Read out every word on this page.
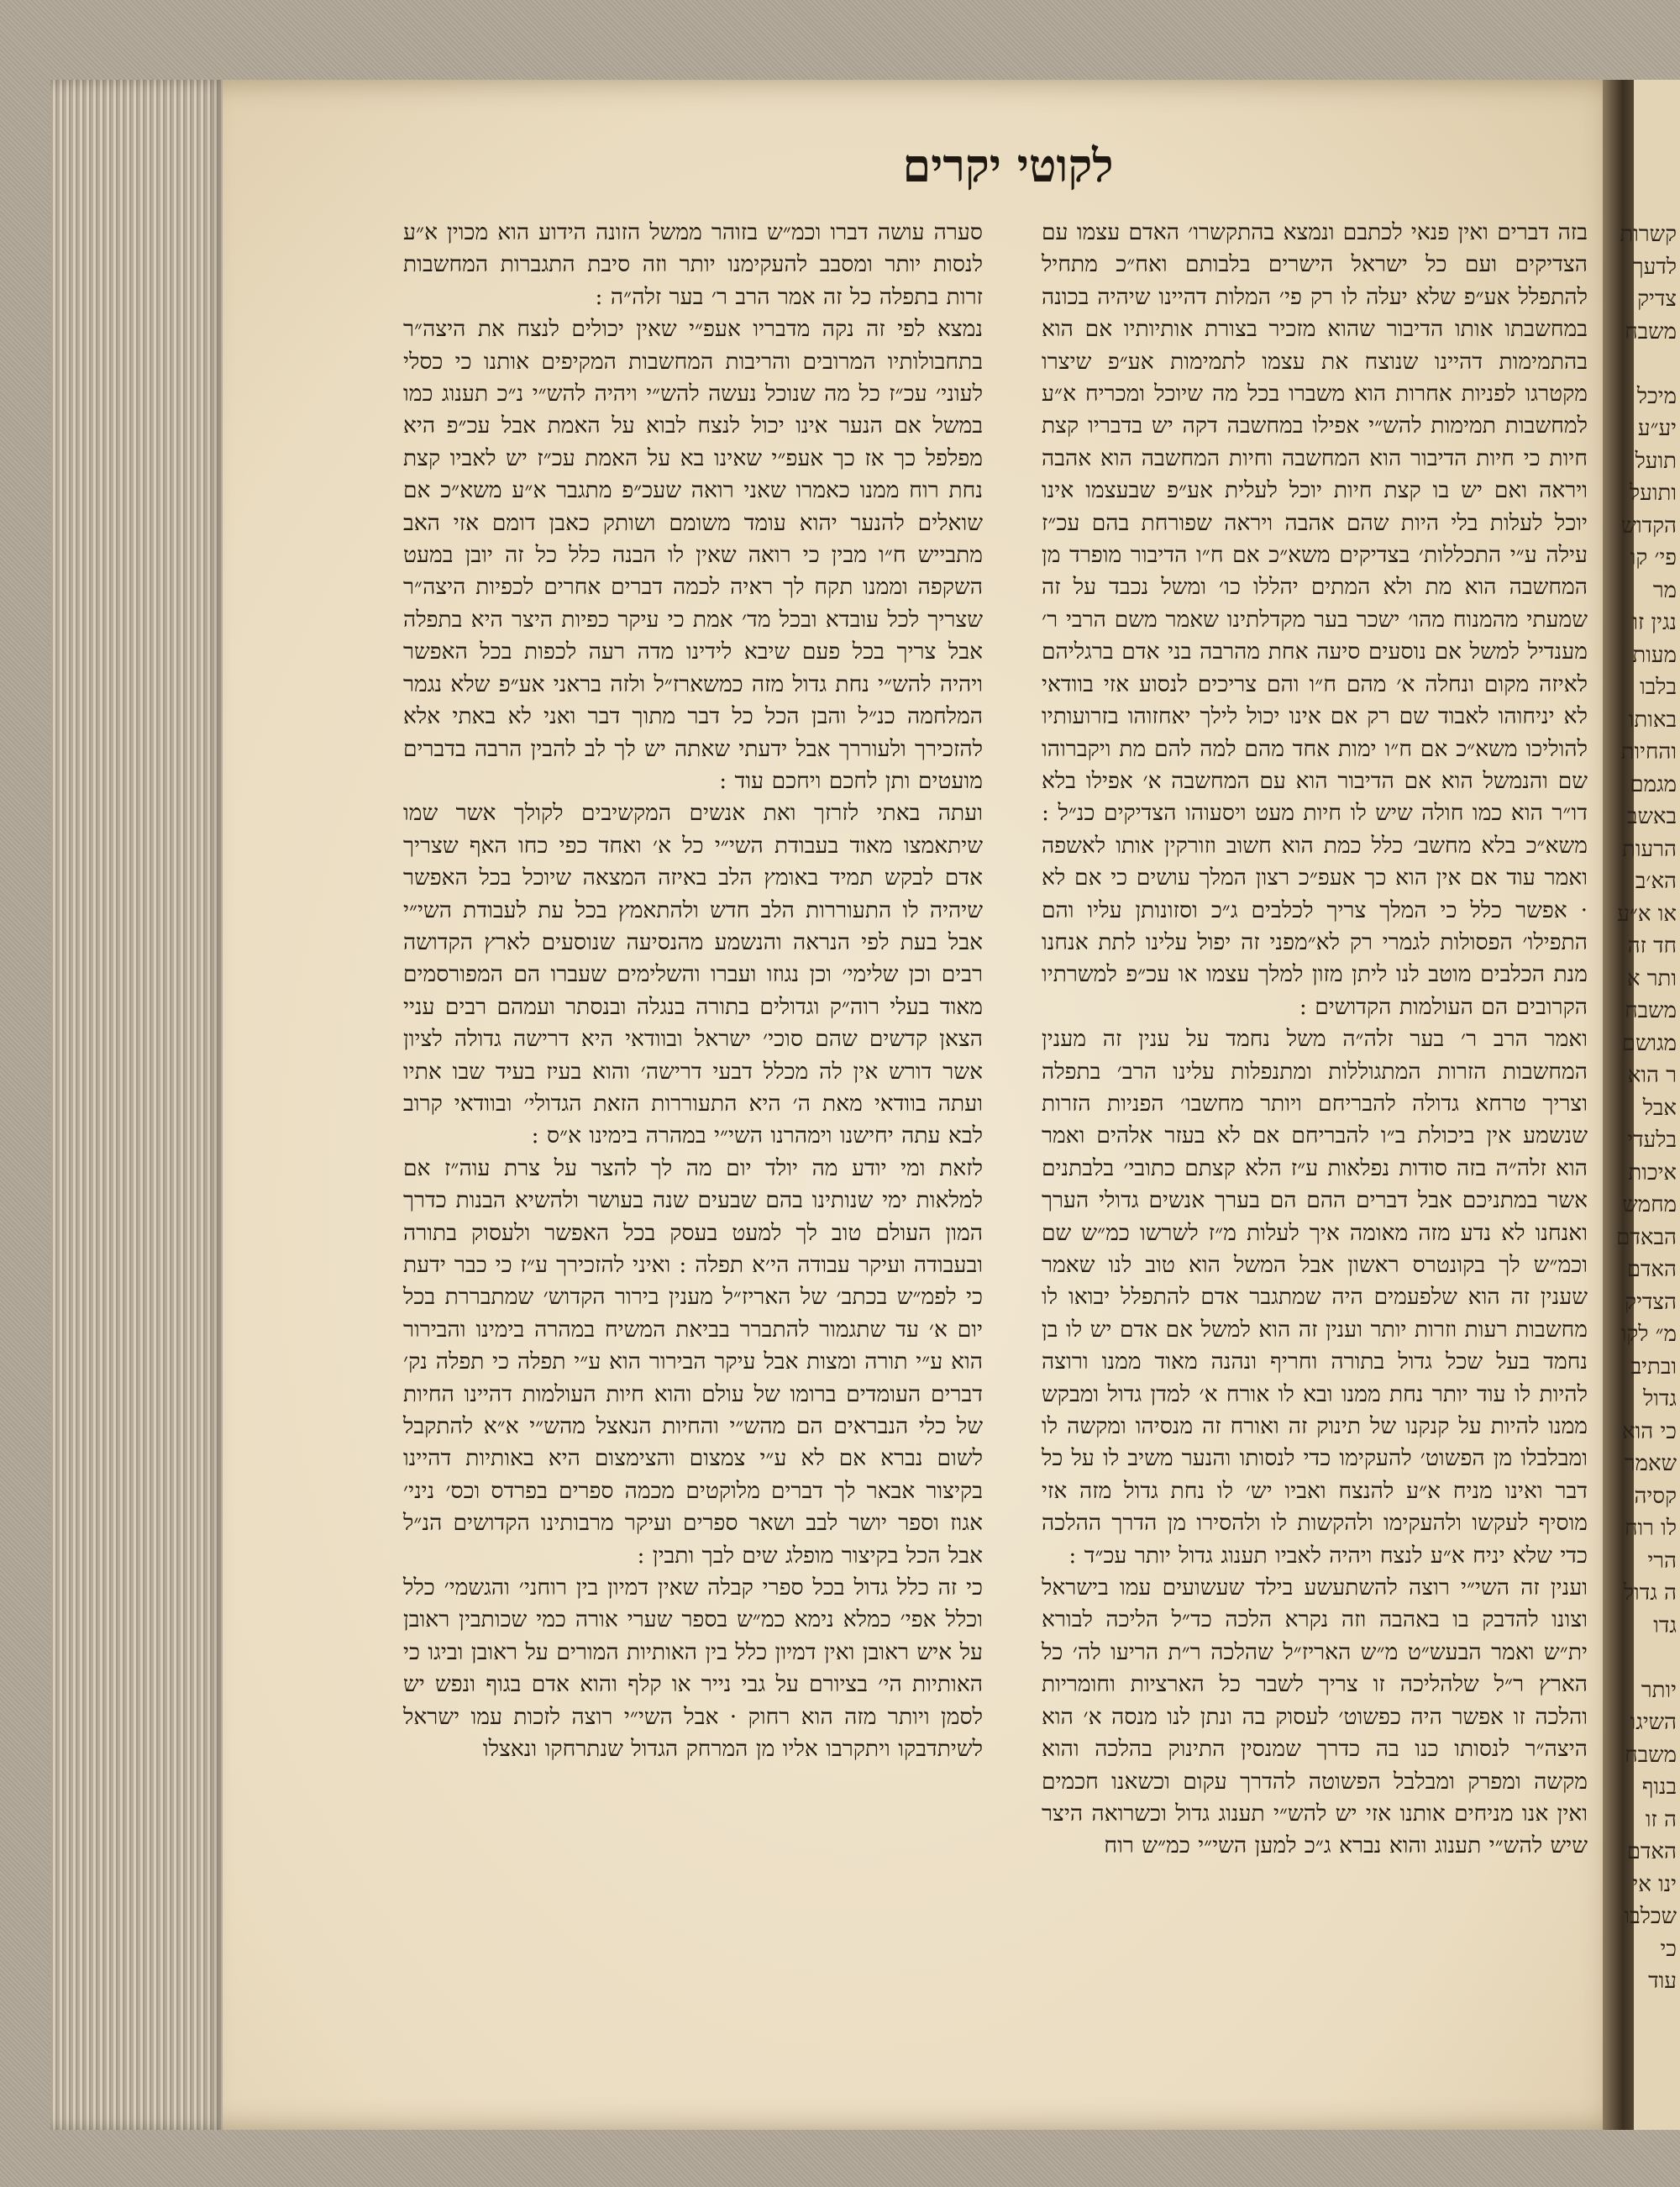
קשרות
לדעך
צדיק
משבח

מיכל
יע״ע
תועל
ותועל
הקדוש
פי׳ קו
מר
נגין זו
מעות
בלבו
באותו
והחיות
מגמם
באשב
הרעות
הא׳ב
או א״ע
חד זה
ותר א
משבח
מגושם
ר הוא
אבל
בלעדי
איכות
מחמש
הבאדם
האדם
הצדיק
מ״ לקו
ובתיב
גדול
כי הוא
שאמר
קסיה
לו רוח
הרי
ה גדול
גדו

יותר
השיגו
משבח
בנוף
ה זו
האדם
ינו אי
שכלבו
כי
עוד
לקוטי יקרים

בזה דברים ואין פנאי לכתבם ונמצא בהתקשרו׳ האדם עצמו עם הצדיקים ועם כל ישראל הישרים בלבותם ואח״כ מתחיל להתפלל אע״פ שלא יעלה לו רק פי׳ המלות דהיינו שיהיה בכונה במחשבתו אותו הדיבור שהוא מזכיר בצורת אותיותיו אם הוא בהתמימות דהיינו שנוצח את עצמו לתמימות אע״פ שיצרו מקטרגו לפניות אחרות הוא משברו בכל מה שיוכל ומכריח א״ע למחשבות תמימות להש״י אפילו במחשבה דקה יש בדבריו קצת חיות כי חיות הדיבור הוא המחשבה וחיות המחשבה הוא אהבה ויראה ואם יש בו קצת חיות יוכל לעלית אע״פ שבעצמו אינו יוכל לעלות בלי היות שהם אהבה ויראה שפורחת בהם עכ״ז עילה ע״י התכללות׳ בצדיקים משא״כ אם ח״ו הדיבור מופרד מן המחשבה הוא מת ולא המתים יהללו כו׳ ומשל נכבד על זה שמעתי מהמנוח מהו׳ ישכר בער מקדלתינו שאמר משם הרבי ר׳ מענדיל למשל אם נוסעים סיעה אחת מהרבה בני אדם ברגליהם לאיזה מקום ונחלה א׳ מהם ח״ו והם צריכים לנסוע אזי בוודאי לא יניחוהו לאבוד שם רק אם אינו יכול לילך יאחזוהו בזרועותיו להוליכו משא״כ אם ח״ו ימות אחד מהם למה להם מת ויקברוהו שם והנמשל הוא אם הדיבור הוא עם המחשבה א׳ אפילו בלא דו״ר הוא כמו חולה שיש לו חיות מעט ויסעוהו הצדיקים כנ״ל : משא״כ בלא מחשב׳ כלל כמת הוא חשוב וזורקין אותו לאשפה ואמר עוד אם אין הוא כך אעפ״כ רצון המלך עושים כי אם לא · אפשר כלל כי המלך צריך לכלבים ג״כ וסזונותן עליו והם התפילו׳ הפסולות לגמרי רק לא״מפני זה יפול עלינו לתת אנחנו מנת הכלבים מוטב לנו ליתן מזון למלך עצמו או עכ״פ למשרתיו הקרובים הם העולמות הקדושים :

ואמר הרב ר׳ בער זלה״ה משל נחמד על ענין זה מענין המחשבות הזרות המתגוללות ומתנפלות עלינו הרב׳ בתפלה וצריך טרחא גדולה להבריחם ויותר מחשבו׳ הפניות הזרות שנשמע אין ביכולת ב״ו להבריחם אם לא בעזר אלהים ואמר הוא זלה״ה בזה סודות נפלאות ע״ז הלא קצתם כתובי׳ בלבתנים אשר במתניכם אבל דברים ההם הם בערך אנשים גדולי הערך ואנחנו לא נדע מזה מאומה איך לעלות מ״ז לשרשו כמ״ש שם וכמ״ש לך בקונטרס ראשון אבל המשל הוא טוב לנו שאמר שענין זה הוא שלפעמים היה שמתגבר אדם להתפלל יבואו לו מחשבות רעות וזרות יותר וענין זה הוא למשל אם אדם יש לו בן נחמד בעל שכל גדול בתורה וחריף ונהנה מאוד ממנו ורוצה להיות לו עוד יותר נחת ממנו ובא לו אורח א׳ למדן גדול ומבקש ממנו להיות על קנקנו של תינוק זה ואורח זה מנסיהו ומקשה לו ומבלבלו מן הפשוט׳ להעקימו כדי לנסותו והנער משיב לו על כל דבר ואינו מניח א״ע להנצח ואביו יש׳ לו נחת גדול מזה אזי מוסיף לעקשו ולהעקימו ולהקשות לו ולהסירו מן הדרך ההלכה כדי שלא יניח א״ע לנצח ויהיה לאביו תענוג גדול יותר עכ״ד :

וענין זה השי״י רוצה להשתעשע בילד שעשועים עמו בישראל וצונו להדבק בו באהבה וזה נקרא הלכה כד״ל הליכה לבורא ית״ש ואמר הבעש״ט מ״ש האריז״ל שהלכה ר״ת הריעו לה׳ כל הארץ ר״ל שלהליכה זו צריך לשבר כל הארציות וחומריות והלכה זו אפשר היה כפשוט׳ לעסוק בה ונתן לנו מנסה א׳ הוא היצה״ר לנסותו כנו בה כדרך שמנסין התינוק בהלכה והוא מקשה ומפרק ומבלבל הפשוטה להדרך עקום וכשאנו חכמים ואין אנו מניחים אותנו אזי יש להש״י תענוג גדול וכשרואה היצר שיש להש״י תענוג והוא נברא ג״כ למען השי״י כמ״ש רוח

סערה עושה דברו וכמ״ש בזוהר ממשל הזונה הידוע הוא מכוין א״ע לנסות יותר ומסבב להעקימנו יותר וזה סיבת התגברות המחשבות זרות בתפלה כל זה אמר הרב ר׳ בער זלה״ה :

נמצא לפי זה נקה מדבריו אעפ״י שאין יכולים לנצח את היצה״ר בתחבולותיו המרובים והריבות המחשבות המקיפים אותנו כי כסלי לעוני׳ עכ״ז כל מה שנוכל נעשה להש״י ויהיה להש״י נ״כ תענוג כמו במשל אם הנער אינו יכול לנצח לבוא על האמת אבל עכ״פ היא מפלפל כך אז כך אעפ״י שאינו בא על האמת עכ״ז יש לאביו קצת נחת רוח ממנו כאמרו שאני רואה שעכ״פ מתגבר א״ע משא״כ אם שואלים להנער יהוא עומד משומם ושותק כאבן דומם אזי האב מתבייש ח״ו מבין כי רואה שאין לו הבנה כלל כל זה יובן במעט השקפה וממנו תקח לך ראיה לכמה דברים אחרים לכפיות היצה״ר שצריך לכל עובדא ובכל מד׳ אמת כי עיקר כפיות היצר היא בתפלה אבל צריך בכל פעם שיבא לידינו מדה רעה לכפות בכל האפשר ויהיה להש״י נחת גדול מזה כמשארז״ל ולזה בראני אע״פ שלא נגמר המלחמה כנ״ל והבן הכל כל דבר מתוך דבר ואני לא באתי אלא להזכירך ולעוררך אבל ידעתי שאתה יש לך לב להבין הרבה בדברים מועטים ותן לחכם ויחכם עוד :

ועתה באתי לזרזך ואת אנשים המקשיבים לקולך אשר שמו שיתאמצו מאוד בעבודת השי״י כל א׳ ואחד כפי כחו האף שצריך אדם לבקש תמיד באומץ הלב באיזה המצאה שיוכל בכל האפשר שיהיה לו התעוררות הלב חדש ולהתאמץ בכל עת לעבודת השי״י אבל בעת לפי הנראה והנשמע מהנסיעה שנוסעים לארץ הקדושה רבים וכן שלימי׳ וכן נגוזו ועברו והשלימים שעברו הם המפורסמים מאוד בעלי רוה״ק וגדולים בתורה בנגלה ובנסתר ועמהם רבים עניי הצאן קדשים שהם סוכי׳ ישראל ובוודאי היא דרישה גדולה לציון אשר דורש אין לה מכלל דבעי דרישה׳ והוא בעיז בעיד שבו אתיו ועתה בוודאי מאת ה׳ היא התעוררות הזאת הגדולי׳ ובוודאי קרוב לבא עתה יחישנו וימהרנו השי״י במהרה בימינו א״ס :

לזאת ומי יודע מה יולד יום מה לך להצר על צרת עוה״ז אם למלאות ימי שנותינו בהם שבעים שנה בעושר ולהשיא הבנות כדרך המון העולם טוב לך למעט בעסק בכל האפשר ולעסוק בתורה ובעבודה ועיקר עבודה הי׳א תפלה : ואיני להזכירך ע״ז כי כבר ידעת כי לפמ״ש בכתב׳ של האריז״ל מענין בירור הקדוש׳ שמתבררת בכל יום א׳ עד שתגמור להתברר בביאת המשיח במהרה בימינו והבירור הוא ע״י תורה ומצות אבל עיקר הבירור הוא ע״י תפלה כי תפלה נק׳ דברים העומדים ברומו של עולם והוא חיות העולמות דהיינו החיות של כלי הנבראים הם מהש״י והחיות הנאצל מהש״י א״א להתקבל לשום נברא אם לא ע״י צמצום והצימצום היא באותיות דהיינו בקיצור אבאר לך דברים מלוקטים מכמה ספרים בפרדס וכס׳ ניני׳ אגוז וספר יושר לבב ושאר ספרים ועיקר מרבותינו הקדושים הנ״ל אבל הכל בקיצור מופלג שים לבך ותבין :

כי זה כלל גדול בכל ספרי קבלה שאין דמיון בין רוחני׳ והגשמי׳ כלל וכלל אפי׳ כמלא נימא כמ״ש בספר שערי אורה כמי שכותבין ראובן על איש ראובן ואין דמיון כלל בין האותיות המורים על ראובן וביגו כי האותיות הי׳ בציורם על גבי נייר או קלף והוא אדם בגוף ונפש יש לסמן ויותר מזה הוא רחוק · אבל השי״י רוצה לזכות עמו ישראל לשיתדבקו ויתקרבו אליו מן המרחק הגדול שנתרחקו ונאצלו
